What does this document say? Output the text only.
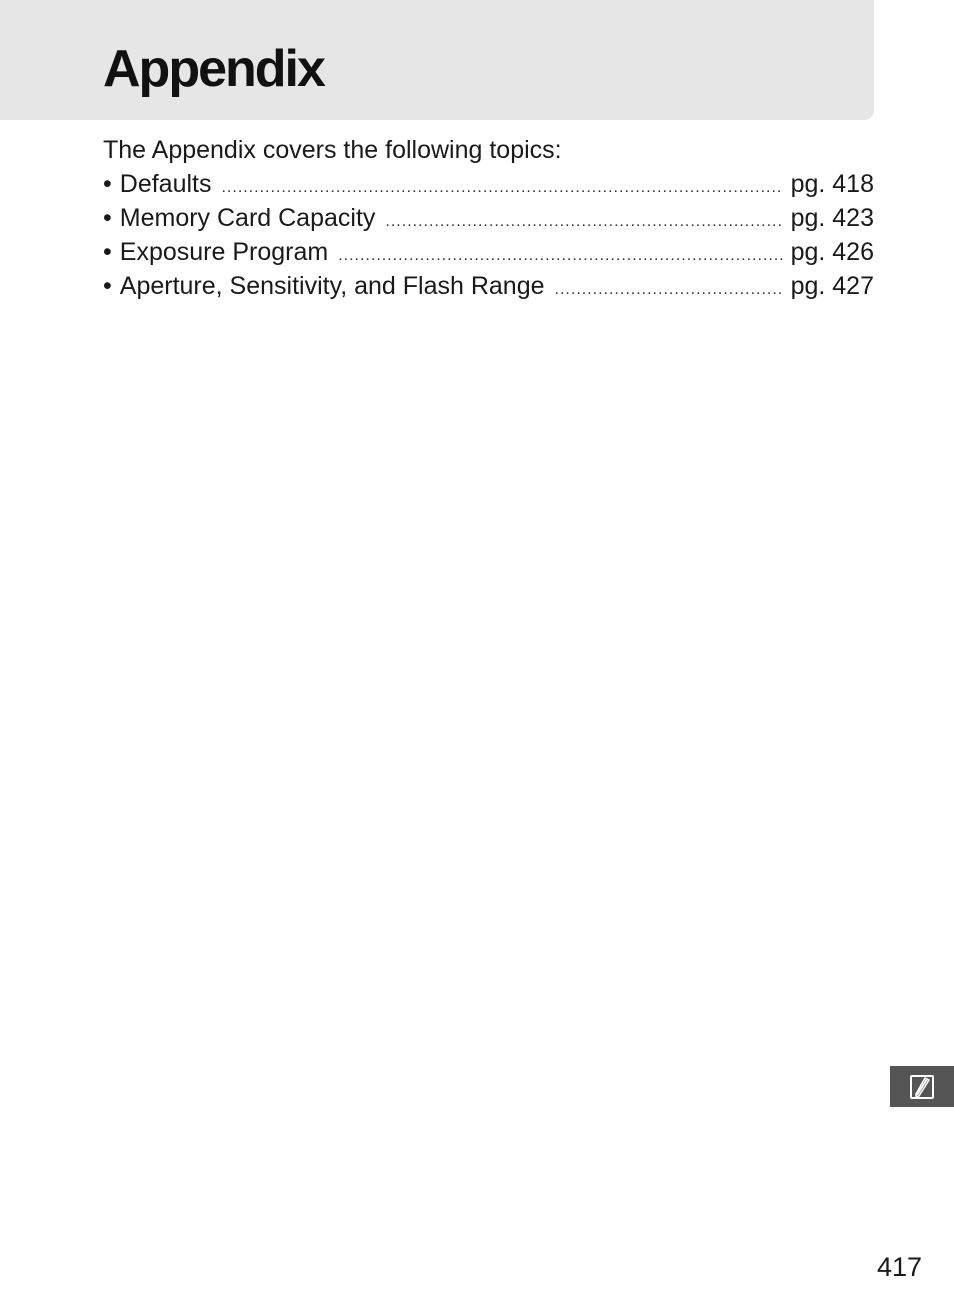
Appendix

The Appendix covers the following topics:

• Defaults .....	pg. 418
• Memory Card Capacity .....	pg. 423
• Exposure Program .....	pg. 426
• Aperture, Sensitivity, and Flash Range .....	pg. 427
417
